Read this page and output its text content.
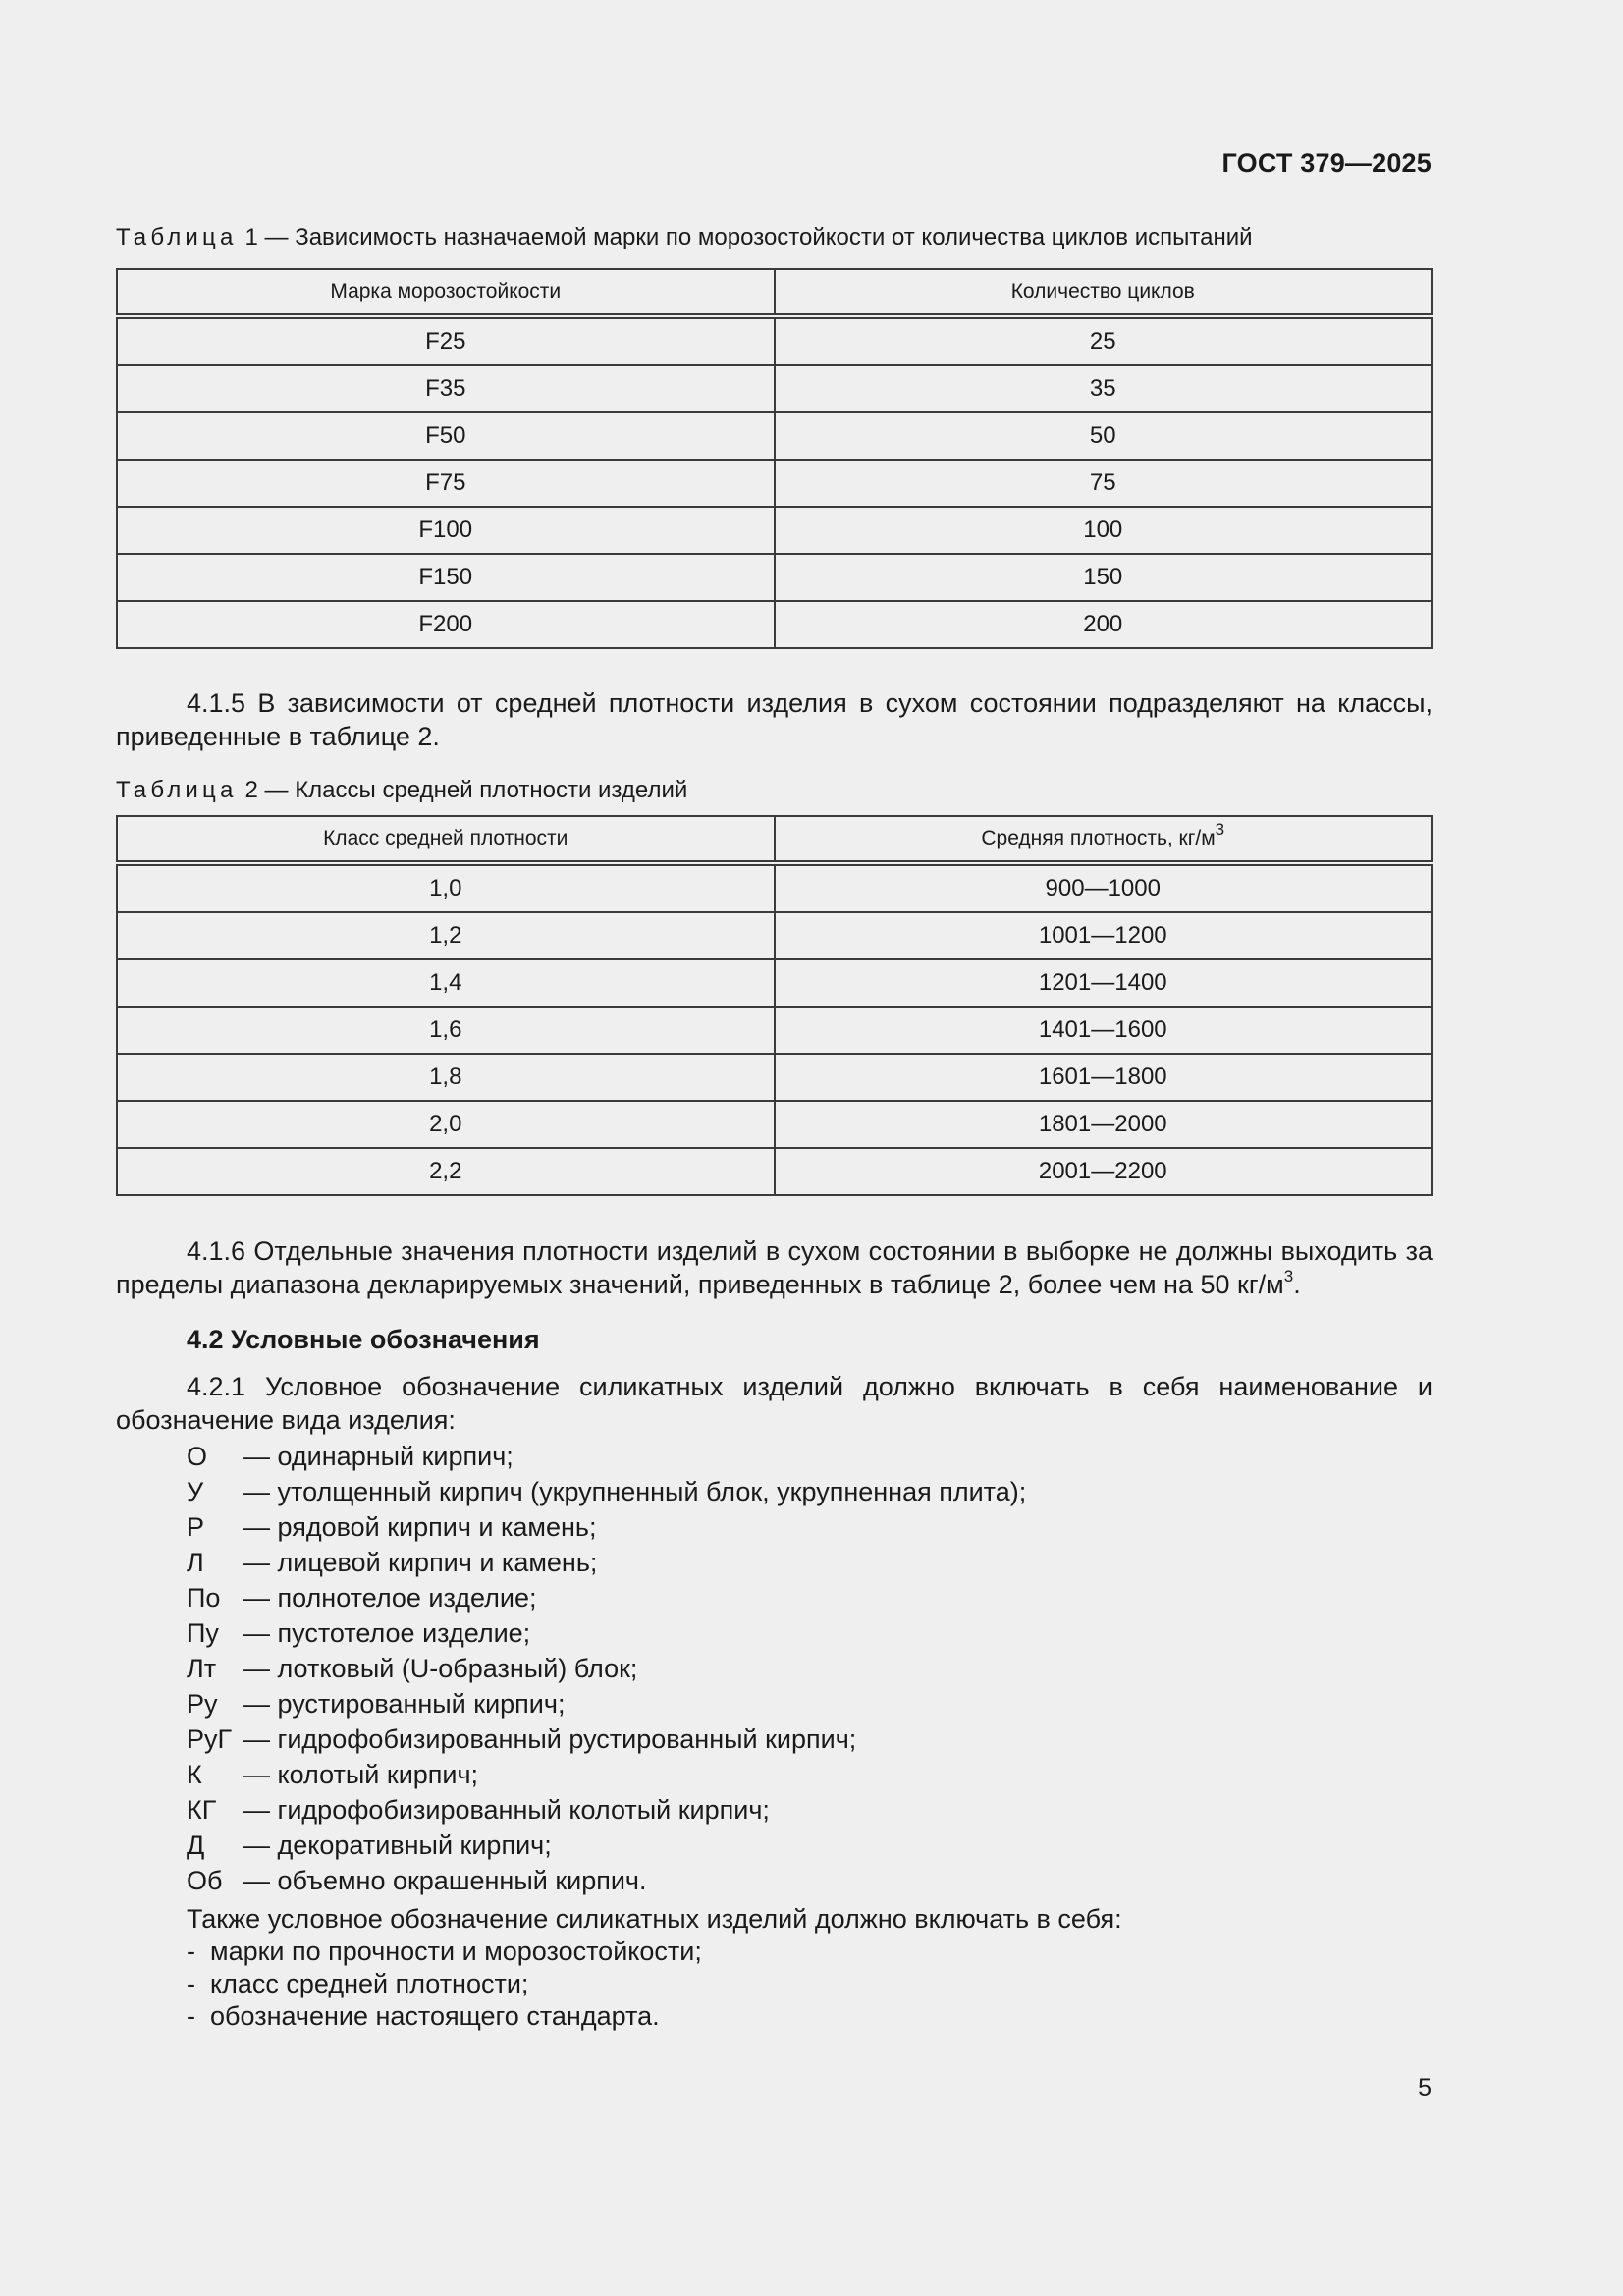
ГОСТ 379—2025
Таблица 1 — Зависимость назначаемой марки по морозостойкости от количества циклов испытаний
Марка морозостойкости	Количество циклов
F25	25
F35	35
F50	50
F75	75
F100	100
F150	150
F200	200
4.1.5 В зависимости от средней плотности изделия в сухом состоянии подразделяют на классы, приведенные в таблице 2.
Таблица 2 — Классы средней плотности изделий
Класс средней плотности	Средняя плотность, $кг/м^3$
1,0	900—1000
1,2	1001—1200
1,4	1201—1400
1,6	1401—1600
1,8	1601—1800
2,0	1801—2000
2,2	2001—2200
4.1.6 Отдельные значения плотности изделий в сухом состоянии в выборке не должны выходить за пределы диапазона декларируемых значений, приведенных в таблице 2, более чем на 50 $кг/м^3$.
4.2 Условные обозначения
4.2.1 Условное обозначение силикатных изделий должно включать в себя наименование и обозначение вида изделия:
О	— одинарный кирпич;
У	— утолщенный кирпич (укрупненный блок, укрупненная плита);
Р	— рядовой кирпич и камень;
Л	— лицевой кирпич и камень;
По — полнотелое изделие;
Пу — пустотелое изделие;
Лт	— лотковый (U-образный) блок;
Ру — рустированный кирпич;
РуГ — гидрофобизированный рустированный кирпич;
К	— колотый кирпич;
КГ	— гидрофобизированный колотый кирпич;
Д	— декоративный кирпич;
Об — объемно окрашенный кирпич.
Также условное обозначение силикатных изделий должно включать в себя:
- марки по прочности и морозостойкости;
- класс средней плотности;
- обозначение настоящего стандарта.
5
